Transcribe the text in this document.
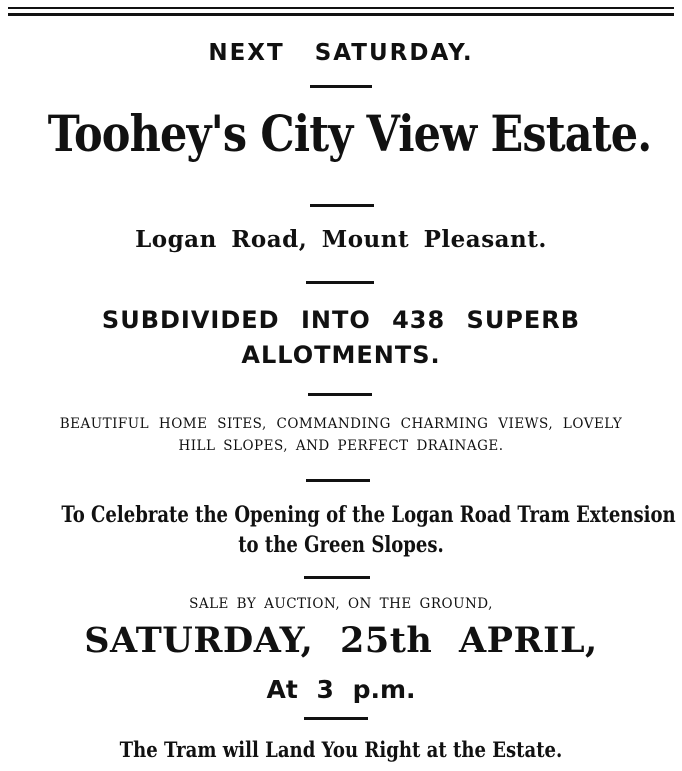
NEXT SATURDAY.
Toohey's City View Estate.
Logan Road, Mount Pleasant.
SUBDIVIDED INTO 438 SUPERB
ALLOTMENTS.
BEAUTIFUL HOME SITES, COMMANDING CHARMING VIEWS, LOVELY
HILL SLOPES, AND PERFECT DRAINAGE.
To Celebrate the Opening of the Logan Road Tram Extension
to the Green Slopes.
SALE BY AUCTION, ON THE GROUND,
SATURDAY, 25th APRIL,
At 3 p.m.
The Tram will Land You Right at the Estate.
